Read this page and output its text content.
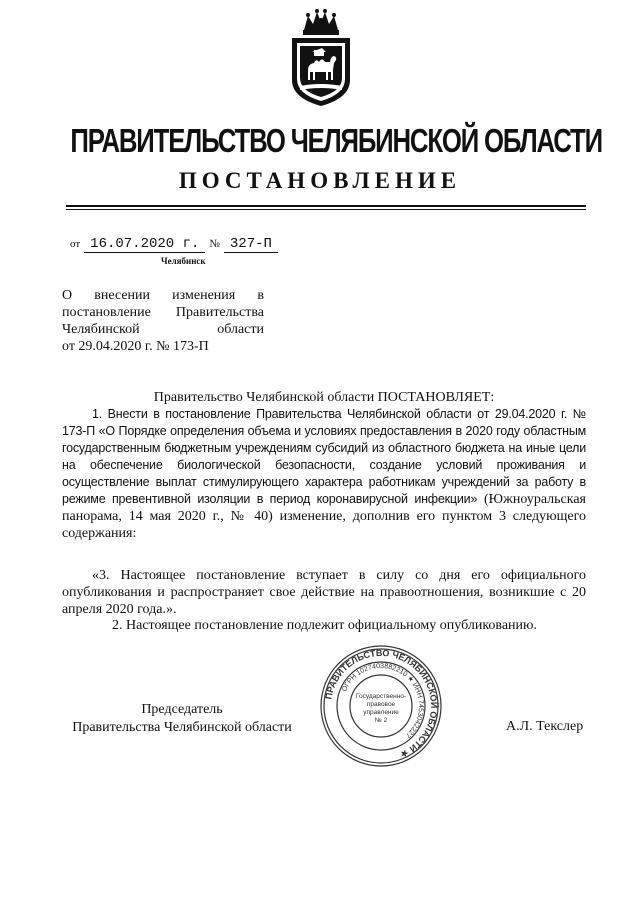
ПРАВИТЕЛЬСТВО ЧЕЛЯБИНСКОЙ ОБЛАСТИ
ПОСТАНОВЛЕНИЕ
от 16.07.2020 г. № 327-П
Челябинск
О внесении изменения в
постановление Правительства
Челябинской области
от 29.04.2020 г. № 173-П
Правительство Челябинской области ПОСТАНОВЛЯЕТ:
1. Внести в постановление Правительства Челябинской области от 29.04.2020 г. № 173-П «О Порядке определения объема и условиях предоставления в 2020 году областным государственным бюджетным учреждениям субсидий из областного бюджета на иные цели на обеспечение биологической безопасности, создание условий проживания и осуществление выплат стимулирующего характера работникам учреждений за работу в режиме превентивной изоляции в период коронавирусной инфекции» (Южноуральская панорама, 14 мая 2020 г., № 40) изменение, дополнив его пунктом 3 следующего содержания:
«3. Настоящее постановление вступает в силу со дня его официального опубликования и распространяет свое действие на правоотношения, возникшие с 20 апреля 2020 года.».
2. Настоящее постановление подлежит официальному опубликованию.
Председатель
Правительства Челябинской области
ПРАВИТЕЛЬСТВО ЧЕЛЯБИНСКОЙ ОБЛАСТИ ★
ОГРН 1027403882210 ★ ИНН 7453042227
Государственно-
правовое
управление
№ 2	А.Л. Текслер
